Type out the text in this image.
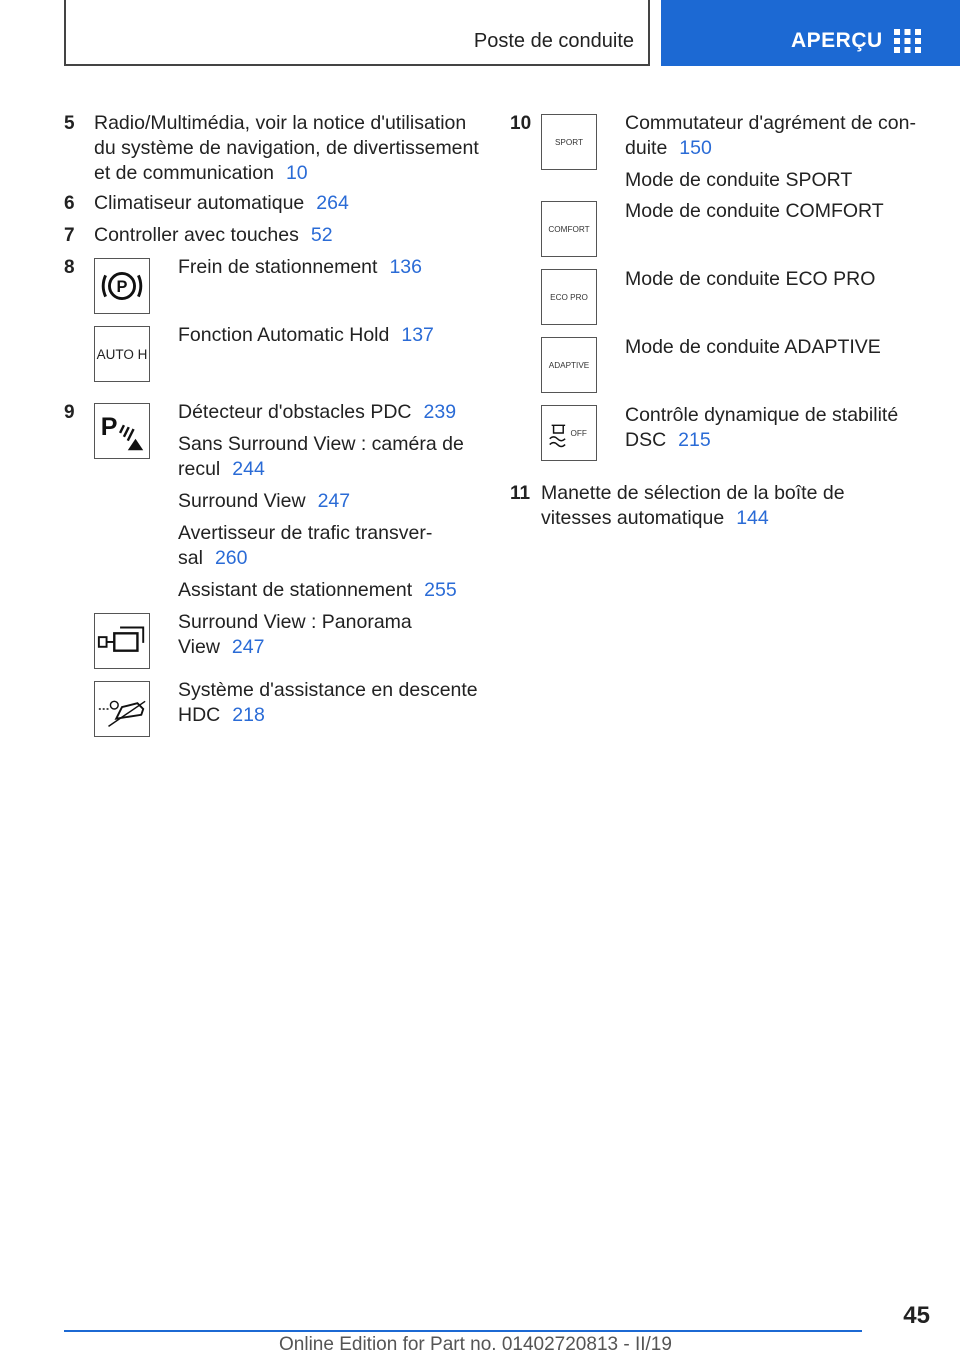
Poste de conduite	APERÇU
5 Radio/Multimédia, voir la notice d'utilisation du système de navigation, de divertissement et de communication 10
6 Climatiseur automatique 264
7 Controller avec touches 52
8
P
Frein de stationnement 136
AUTO H
Fonction Automatic Hold 137
9
P
Détecteur d'obstacles PDC 239
Sans Surround View : caméra de recul 244
Surround View 247
Avertisseur de trafic transver-sal 260
Assistant de stationnement 255
Surround View : Panorama View 247
Système d'assistance en descente HDC 218
10
SPORT
Commutateur d'agrément de con-duite 150
Mode de conduite SPORT
COMFORT
Mode de conduite COMFORT
ECO PRO
Mode de conduite ECO PRO
ADAPTIVE
Mode de conduite ADAPTIVE
OFF
Contrôle dynamique de stabilité DSC 215
11 Manette de sélection de la boîte de vitesses automatique 144
45
Online Edition for Part no. 01402720813 - II/19
